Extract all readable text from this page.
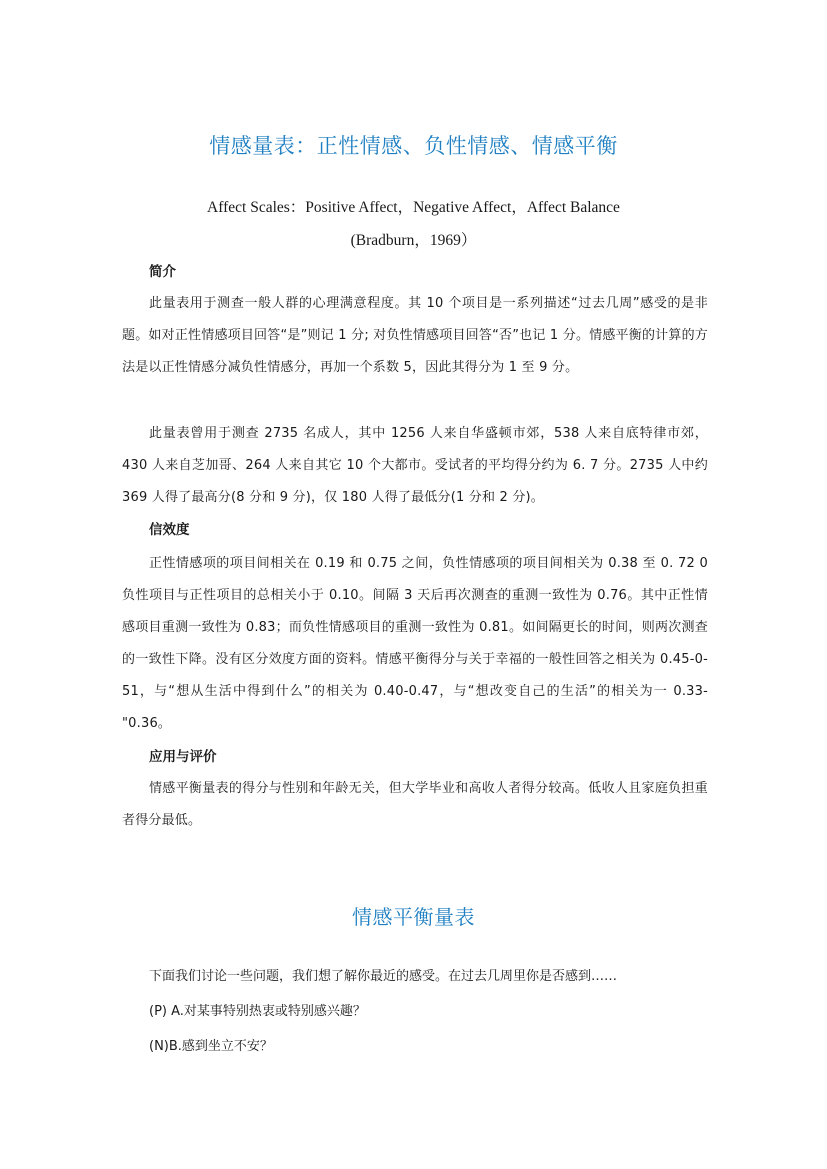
情感量表：正性情感、负性情感、情感平衡
Affect Scales：Positive Affect，Negative Affect，Affect Balance
(Bradburn，1969）
简介
此量表用于测查一般人群的心理满意程度。其 10 个项目是一系列描述“过去几周”感受的是非题。如对正性情感项目回答“是”则记 1 分; 对负性情感项目回答“否”也记 1 分。情感平衡的计算的方法是以正性情感分减负性情感分，再加一个系数 5，因此其得分为 1 至 9 分。
此量表曾用于测查 2735 名成人，其中 1256 人来自华盛顿市郊，538 人来自底特律市郊，430 人来自芝加哥、264 人来自其它 10 个大都市。受试者的平均得分约为 6. 7 分。2735 人中约 369 人得了最高分(8 分和 9 分)，仅 180 人得了最低分(1 分和 2 分)。
信效度
正性情感项的项目间相关在 0.19 和 0.75 之间，负性情感项的项目间相关为 0.38 至 0. 72 0 负性项目与正性项目的总相关小于 0.10。间隔 3 天后再次测查的重测一致性为 0.76。其中正性情感项目重测一致性为 0.83；而负性情感项目的重测一致性为 0.81。如间隔更长的时间，则两次测查的一致性下降。没有区分效度方面的资料。情感平衡得分与关于幸福的一般性回答之相关为 0.45-0-51，与“想从生活中得到什么”的相关为 0.40-0.47，与“想改变自己的生活”的相关为一 0.33-"0.36。
应用与评价
情感平衡量表的得分与性别和年龄无关，但大学毕业和高收人者得分较高。低收人且家庭负担重者得分最低。
情感平衡量表
下面我们讨论一些问题，我们想了解你最近的感受。在过去几周里你是否感到……
(P) A.对某事特别热衷或特别感兴趣？
(N)B.感到坐立不安？
